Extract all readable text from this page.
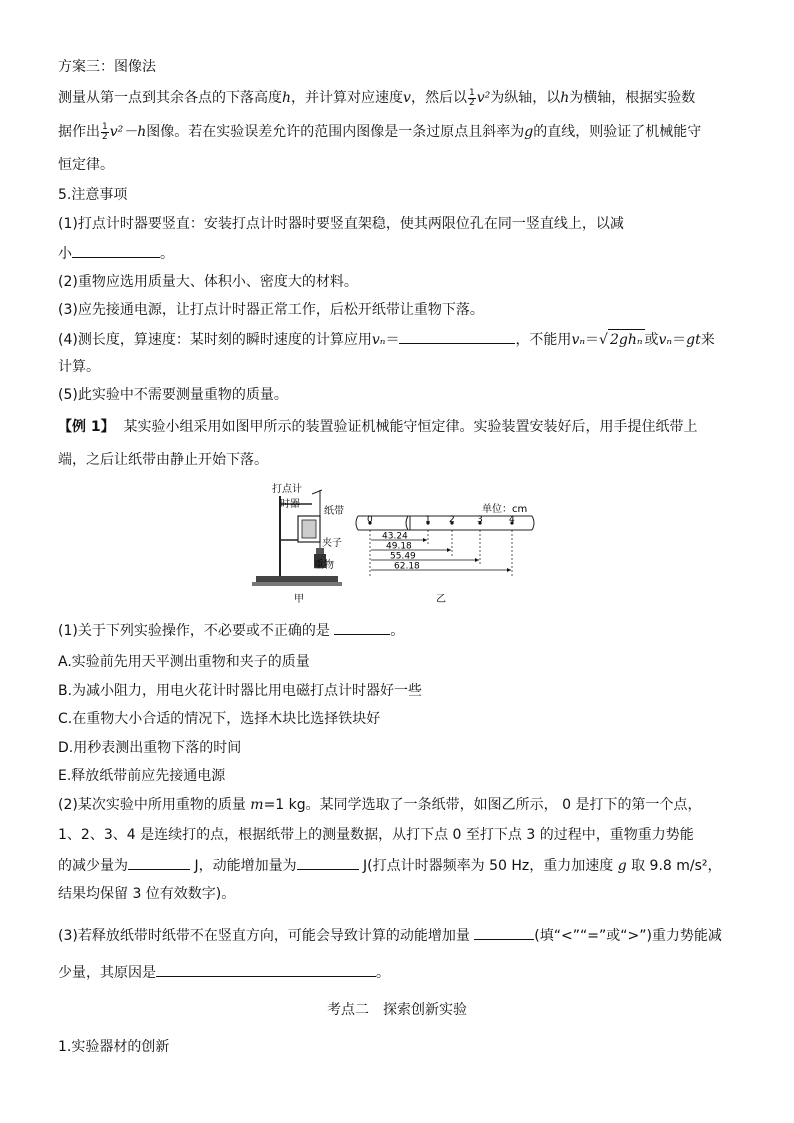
方案三：图像法
测量从第一点到其余各点的下落高度h，并计算对应速度v，然后以 $\frac{1}{2} v^2$为纵轴，以h为横轴，根据实验数
据作出 $\frac{1}{2} v^2-h$图像。若在实验误差允许的范围内图像是一条过原点且斜率为g的直线，则验证了机械能守
恒定律。
5.注意事项
(1)打点计时器要竖直：安装打点计时器时要竖直架稳，使其两限位孔在同一竖直线上，以减
小	。
(2)重物应选用质量大、体积小、密度大的材料。
(3)应先接通电源，让打点计时器正常工作，后松开纸带让重物下落。
(4)测长度，算速度：某时刻的瞬时速度的计算应用vₙ＝	，不能用vₙ＝√ 2ghₙ 或vₙ＝gt来
计算。
(5)此实验中不需要测量重物的质量。
【例 1】 某实验小组采用如图甲所示的装置验证机械能守恒定律。实验装置安装好后，用手提住纸带上
端，之后让纸带由静止开始下落。
打点计
时器
纸带
夹子
重物
甲
单位：cm
0	1 2 3	4
43.24
49.18
55.49
62.18
乙
(1)关于下列实验操作，不必要或不正确的是	。
A.实验前先用天平测出重物和夹子的质量
B.为减小阻力，用电火花计时器比用电磁打点计时器好一些
C.在重物大小合适的情况下，选择木块比选择铁块好
D.用秒表测出重物下落的时间
E.释放纸带前应先接通电源
(2)某次实验中所用重物的质量 m=1 kg。某同学选取了一条纸带，如图乙所示， 0 是打下的第一个点，
1、2、3、4 是连续打的点，根据纸带上的测量数据，从打下点 0 至打下点 3 的过程中，重物重力势能
的减少量为	J，动能增加量为	J(打点计时器频率为 50 Hz，重力加速度 g 取 9.8 m/s²，
结果均保留 3 位有效数字)。
(3)若释放纸带时纸带不在竖直方向，可能会导致计算的动能增加量	(填“<”“=”或“>”)重力势能减
少量，其原因是	。
考点二　探索创新实验
1.实验器材的创新
